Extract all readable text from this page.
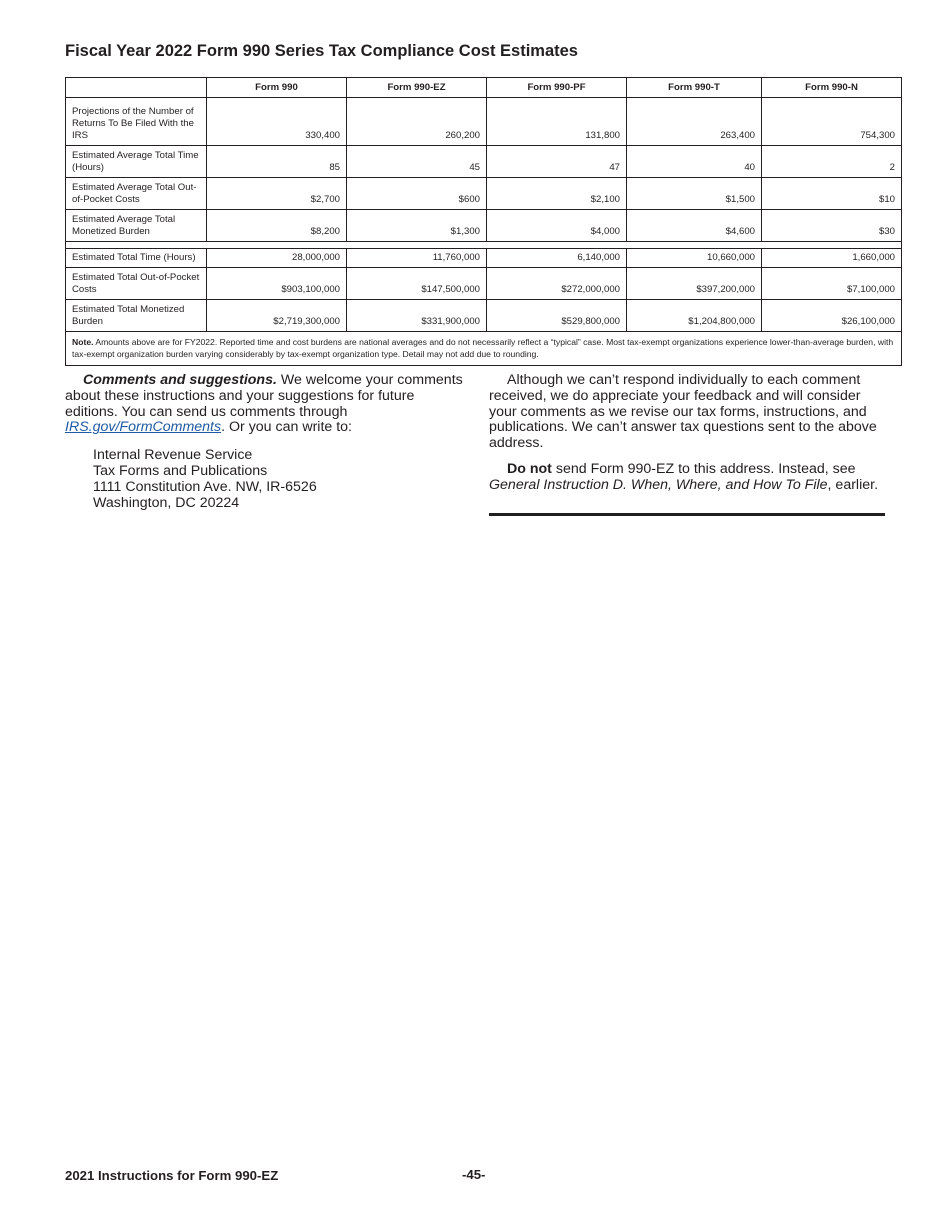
Fiscal Year 2022 Form 990 Series Tax Compliance Cost Estimates
	Form 990	Form 990-EZ	Form 990-PF	Form 990-T	Form 990-N
Projections of the Number of Returns To Be Filed With the IRS	330,400	260,200	131,800	263,400	754,300
Estimated Average Total Time (Hours)	85	45	47	40	2
Estimated Average Total Out-of-Pocket Costs	$2,700	$600	$2,100	$1,500	$10
Estimated Average Total Monetized Burden	$8,200	$1,300	$4,000	$4,600	$30

Estimated Total Time (Hours)	28,000,000	11,760,000	6,140,000	10,660,000	1,660,000
Estimated Total Out-of-Pocket Costs	$903,100,000	$147,500,000	$272,000,000	$397,200,000	$7,100,000
Estimated Total Monetized Burden	$2,719,300,000	$331,900,000	$529,800,000	$1,204,800,000	$26,100,000
Note. Amounts above are for FY2022. Reported time and cost burdens are national averages and do not necessarily reflect a “typical” case. Most tax-exempt organizations experience lower-than-average burden, with tax-exempt organization burden varying considerably by tax-exempt organization type. Detail may not add due to rounding.					

Comments and suggestions. We welcome your comments about these instructions and your suggestions for future editions. You can send us comments through IRS.gov/FormComments. Or you can write to:

Internal Revenue Service
Tax Forms and Publications
1111 Constitution Ave. NW, IR-6526
Washington, DC 20224

Although we can’t respond individually to each comment received, we do appreciate your feedback and will consider your comments as we revise our tax forms, instructions, and publications. We can’t answer tax questions sent to the above address.

Do not send Form 990-EZ to this address. Instead, see General Instruction D. When, Where, and How To File, earlier.

2021 Instructions for Form 990-EZ	-45-
